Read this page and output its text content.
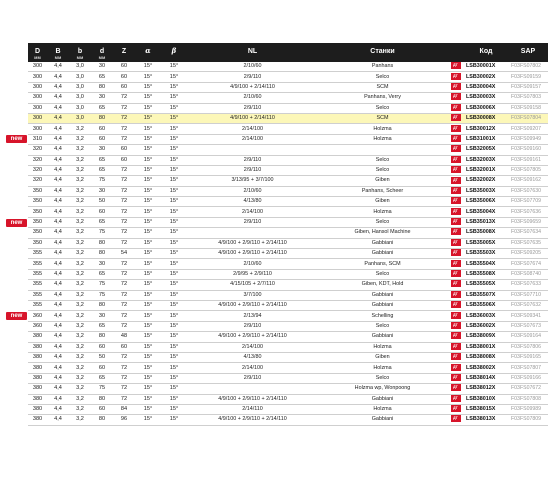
D	B	b	d	Z	α	β	NL	Станки		Код	SAP
мм	мм	мм	мм								
300	4,4	3,0	30	60	15°	15°	2/10/60	Panhans	ДТ	LSB30001X	F03FS07802
300	4,4	3,0	65	60	15°	15°	2/9/110	Selco	ДТ	LSB30002X	F03FS09159
300	4,4	3,0	80	60	15°	15°	4/9/100 + 2/14/110	SCM	ДТ	LSB30004X	F03FS09157
300	4,4	3,0	30	72	15°	15°	2/10/60	Panhans, Verry	ДТ	LSB30003X	F03FS07803
300	4,4	3,0	65	72	15°	15°	2/9/110	Selco	ДТ	LSB30006X	F03FS09158
300	4,4	3,0	80	72	15°	15°	4/9/100 + 2/14/110	SCM	ДТ	LSB30008X	F03FS07804
300	4,4	3,2	60	72	15°	15°	2/14/100	Holzma	ДТ	LSB30012X	F03FS09207
310	4,4	3,2	60	72	15°	15°	2/14/100	Holzma	ДТ	LSB31001X	F03FS09949
320	4,4	3,2	30	60	15°	15°			ДТ	LSB32005X	F03FS09160
320	4,4	3,2	65	60	15°	15°	2/9/110	Selco	ДТ	LSB32003X	F03FS09161
320	4,4	3,2	65	72	15°	15°	2/9/110	Selco	ДТ	LSB32001X	F03FS07805
320	4,4	3,2	75	72	15°	15°	3/13/95 + 3/7/100	Giben	ДТ	LSB32002X	F03FS09162
350	4,4	3,2	30	72	15°	15°	2/10/60	Panhans, Scheer	ДТ	LSB35003X	F03FS07630
350	4,4	3,2	50	72	15°	15°	4/13/80	Giben	ДТ	LSB35006X	F03FS07709
350	4,4	3,2	60	72	15°	15°	2/14/100	Holzma	ДТ	LSB35004X	F03FS07636
350	4,4	3,2	65	72	15°	15°	2/9/110	Selco	ДТ	LSB35013X	F03FS09659
350	4,4	3,2	75	72	15°	15°		Giben, Hansol Machine	ДТ	LSB35008X	F03FS07634
350	4,4	3,2	80	72	15°	15°	4/9/100 + 2/9/110 + 2/14/110	Gabbiani	ДТ	LSB35005X	F03FS07635
355	4,4	3,2	80	54	15°	15°	4/9/100 + 2/9/110 + 2/14/110	Gabbiani	ДТ	LSB35503X	F03FS09205
355	4,4	3,2	30	72	15°	15°	2/10/60	Panhans, SCM	ДТ	LSB35504X	F03FS07674
355	4,4	3,2	65	72	15°	15°	2/9/95 + 2/9/110	Selco	ДТ	LSB35508X	F03FS08740
355	4,4	3,2	75	72	15°	15°	4/15/105 + 2/7/110	Giben, KDT, Hold	ДТ	LSB35505X	F03FS07633
355	4,4	3,2	75	72	15°	15°	3/7/100	Gabbiani	ДТ	LSB35507X	F03FS07710
355	4,4	3,2	80	72	15°	15°	4/9/100 + 2/9/110 + 2/14/110	Gabbiani	ДТ	LSB35506X	F03FS07632
360	4,4	3,2	30	72	15°	15°	2/13/94	Schelling	ДТ	LSB36003X	F03FS09341
360	4,4	3,2	65	72	15°	15°	2/9/110	Selco	ДТ	LSB36002X	F03FS07673
380	4,4	3,2	80	48	15°	15°	4/9/100 + 2/9/110 + 2/14/110	Gabbiani	ДТ	LSB38009X	F03FS09164
380	4,4	3,2	60	60	15°	15°	2/14/100	Holzma	ДТ	LSB38001X	F03FS07806
380	4,4	3,2	50	72	15°	15°	4/13/80	Giben	ДТ	LSB38008X	F03FS09165
380	4,4	3,2	60	72	15°	15°	2/14/100	Holzma	ДТ	LSB38002X	F03FS07807
380	4,4	3,2	65	72	15°	15°	2/9/110	Selco	ДТ	LSB38014X	F03FS09166
380	4,4	3,2	75	72	15°	15°		Holzma wp, Wonpoong	ДТ	LSB38012X	F03FS07672
380	4,4	3,2	80	72	15°	15°	4/9/100 + 2/9/110 + 2/14/110	Gabbiani	ДТ	LSB38010X	F03FS07808
380	4,4	3,2	60	84	15°	15°	2/14/110	Holzma	ДТ	LSB38015X	F03FS09989
380	4,4	3,2	80	96	15°	15°	4/9/100 + 2/9/110 + 2/14/110	Gabbiani	ДТ	LSB38013X	F03FS07809
new
new
new
